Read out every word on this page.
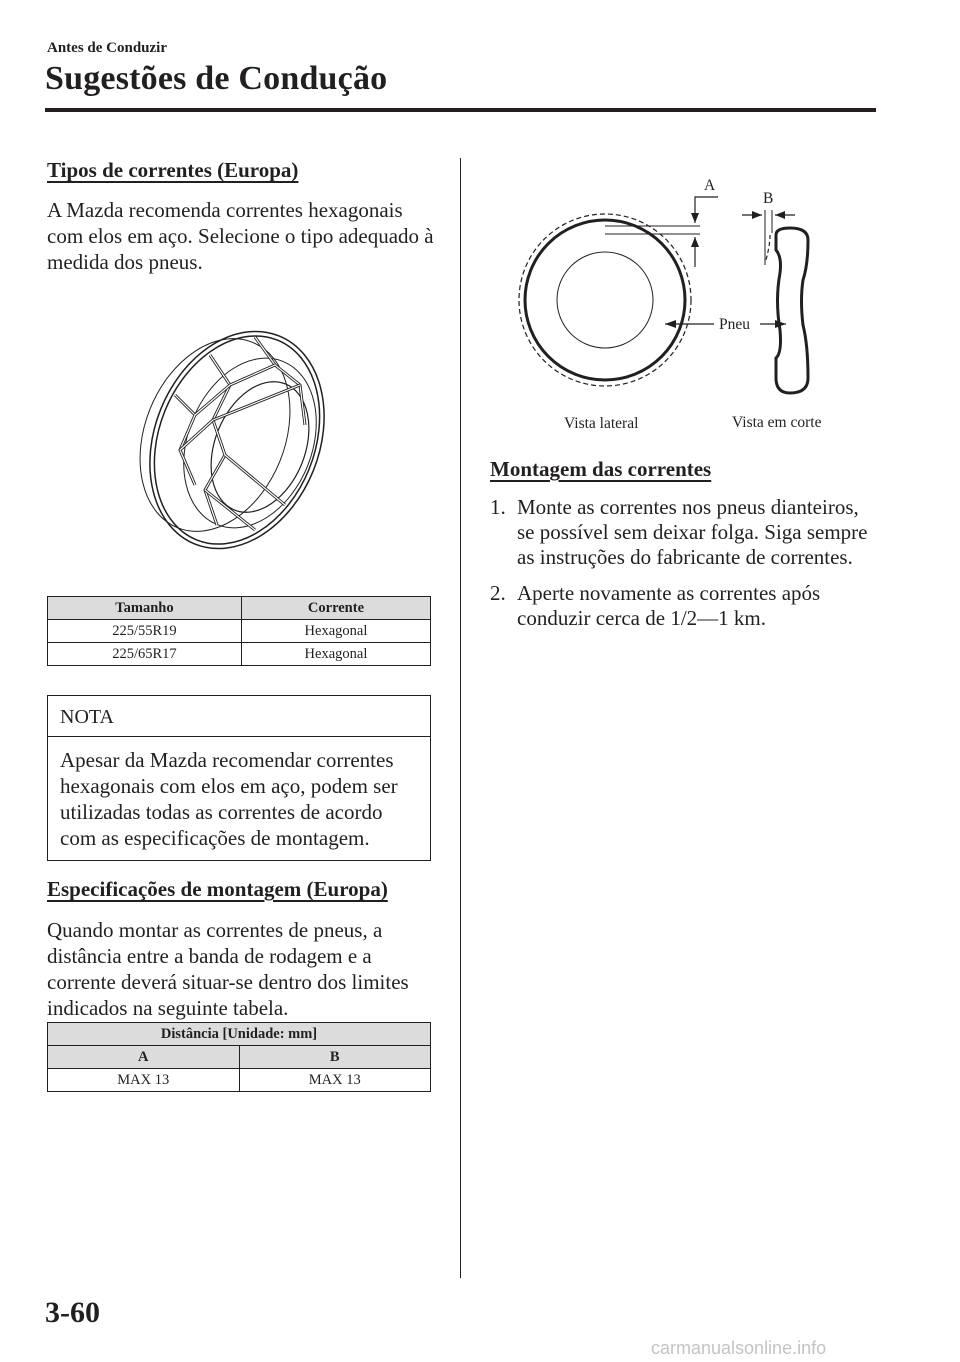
Antes de Conduzir
Sugestões de Condução
Tipos de correntes (Europa)

A Mazda recomenda correntes hexagonais com elos em aço. Selecione o tipo adequado à medida dos pneus.

Tamanho	Corrente
225/55R19	Hexagonal
225/65R17	Hexagonal
NOTA
Apesar da Mazda recomendar correntes hexagonais com elos em aço, podem ser utilizadas todas as correntes de acordo com as especificações de montagem.
Especificações de montagem (Europa)

Quando montar as correntes de pneus, a distância entre a banda de rodagem e a corrente deverá situar-se dentro dos limites indicados na seguinte tabela.

Distância [Unidade: mm]	
A	B
MAX 13	MAX 13
A
B
Pneu
Vista lateral	Vista em corte
Montagem das correntes
1. Monte as correntes nos pneus dianteiros, se possível sem deixar folga. Siga sempre as instruções do fabricante de correntes.
2. Aperte novamente as correntes após conduzir cerca de 1/2—1 km.
3-60
carmanualsonline.info
